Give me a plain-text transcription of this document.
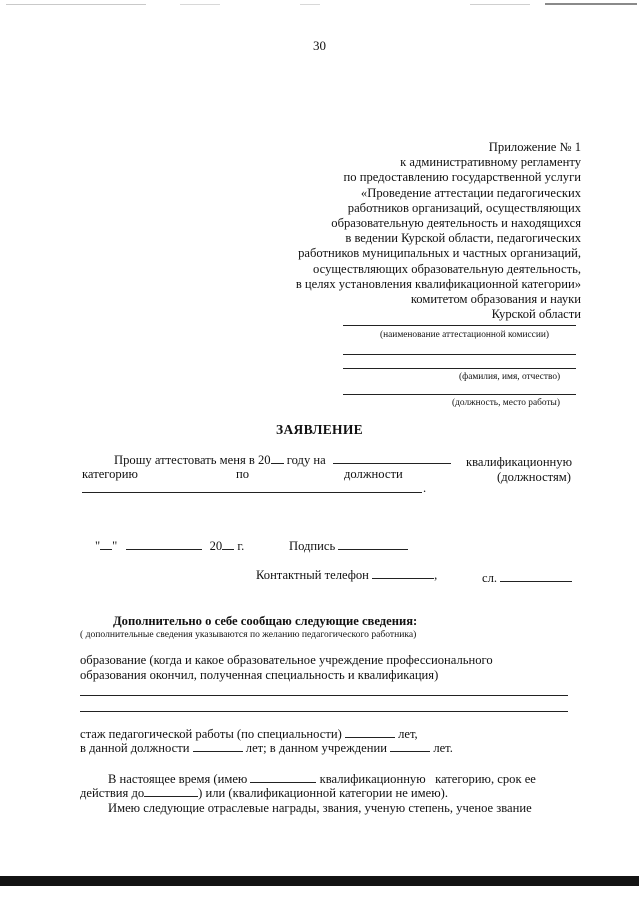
30
Приложение № 1
к административному регламенту
по предоставлению государственной услуги
«Проведение аттестации педагогических
работников организаций, осуществляющих
образовательную деятельность и находящихся
в ведении Курской области, педагогических
работников муниципальных и частных организаций,
осуществляющих образовательную деятельность,
в целях установления квалификационной категории»
комитетом образования и науки
Курской области
(наименование аттестационной комиссии)
(фамилия, имя, отчество)
(должность, место работы)
ЗАЯВЛЕНИЕ
Прошу аттестовать меня в 20 году на	квалификационную
категорию	по	должности	(должностям)
.
" "	20 г.	Подпись
Контактный телефон	,	сл.
Дополнительно о себе сообщаю следующие сведения:
( дополнительные сведения указываются по желанию педагогического работника)
образование (когда и какое образовательное учреждение профессионального
образования окончил, полученная специальность и квалификация)
стаж педагогической работы (по специальности)	лет,
в данной должности	лет; в данном учреждении	лет.
В настоящее время (имею	квалификационную   категорию, срок ее
действия до	) или (квалификационной категории не имею).
Имею следующие отраслевые награды, звания, ученую степень, ученое звание
